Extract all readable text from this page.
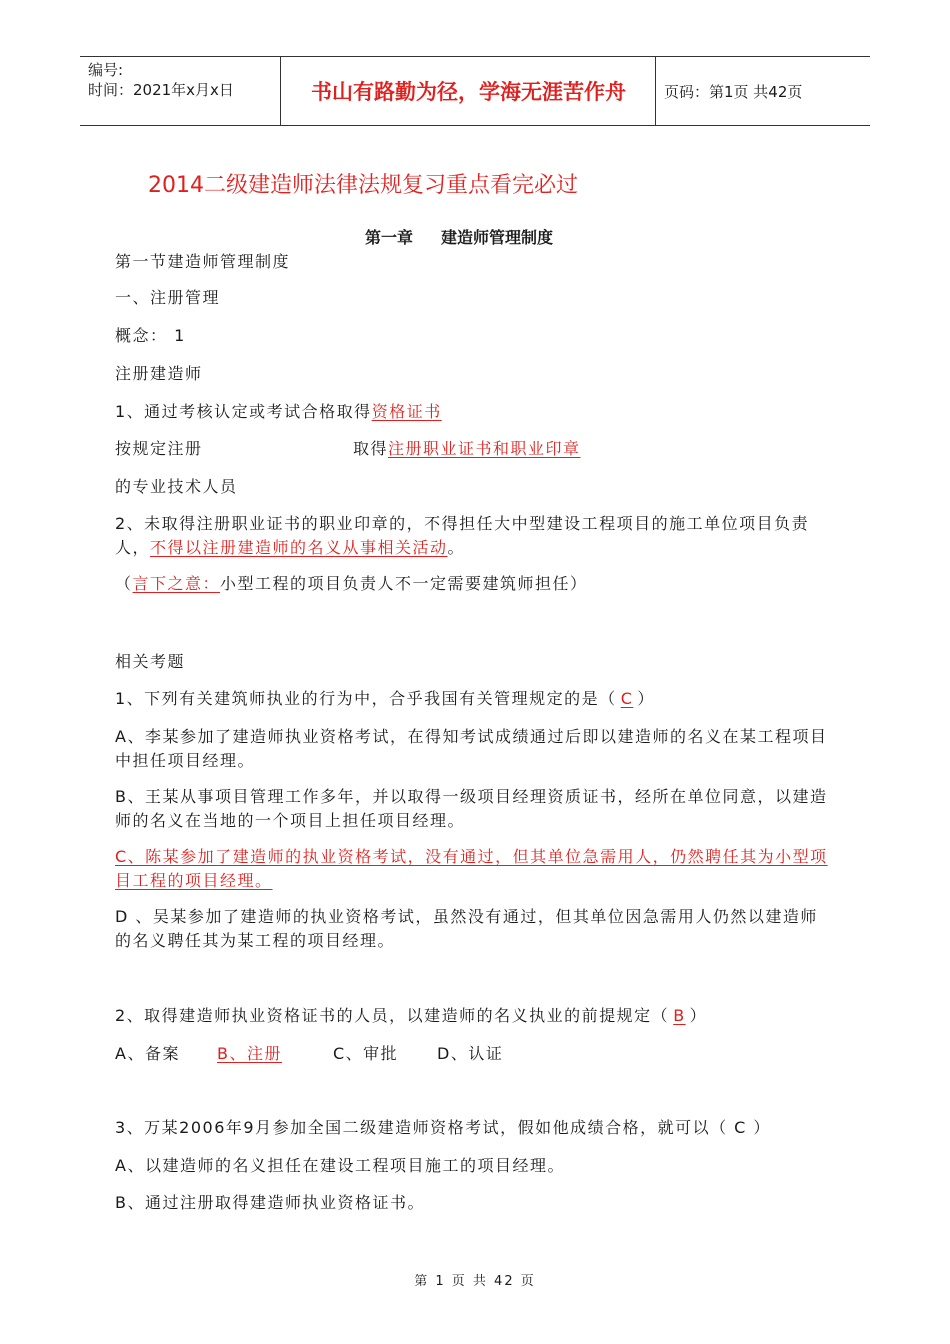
编号:
时间：2021年x月x日	书山有路勤为径，学海无涯苦作舟	页码：第1页 共42页
2014二级建造师法律法规复习重点看完必过
第一章 建造师管理制度
第一节建造师管理制度
一、注册管理
概念： 1
注册建造师
1、通过考核认定或考试合格取得资格证书
按规定注册	取得注册职业证书和职业印章
的专业技术人员
2、未取得注册职业证书的职业印章的，不得担任大中型建设工程项目的施工单位项目负责人，不得以注册建造师的名义从事相关活动。
（言下之意：小型工程的项目负责人不一定需要建筑师担任）
相关考题
1、下列有关建筑师执业的行为中，合乎我国有关管理规定的是（ C ）
A、李某参加了建造师执业资格考试，在得知考试成绩通过后即以建造师的名义在某工程项目中担任项目经理。
B、王某从事项目管理工作多年，并以取得一级项目经理资质证书，经所在单位同意，以建造师的名义在当地的一个项目上担任项目经理。
C、陈某参加了建造师的执业资格考试，没有通过，但其单位急需用人，仍然聘任其为小型项目工程的项目经理。
D 、吴某参加了建造师的执业资格考试，虽然没有通过，但其单位因急需用人仍然以建造师的名义聘任其为某工程的项目经理。
2、取得建造师执业资格证书的人员，以建造师的名义执业的前提规定（ B ）
A、备案 B、注册	C、审批 D、认证
3、万某2006年9月参加全国二级建造师资格考试，假如他成绩合格，就可以（ C ）
A、以建造师的名义担任在建设工程项目施工的项目经理。
B、通过注册取得建造师执业资格证书。
第 1 页 共 42 页
